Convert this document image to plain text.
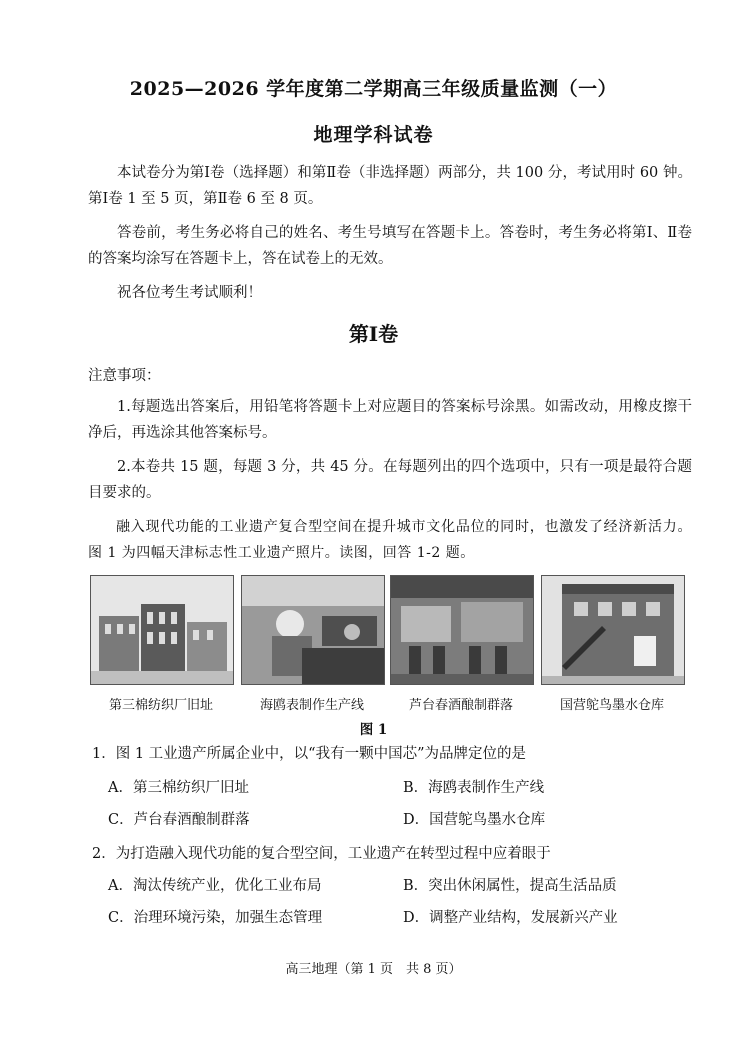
2025—2026 学年度第二学期高三年级质量监测（一）
地理学科试卷
本试卷分为第Ⅰ卷（选择题）和第Ⅱ卷（非选择题）两部分，共 100 分，考试用时 60 钟。第Ⅰ卷 1 至 5 页，第Ⅱ卷 6 至 8 页。
答卷前，考生务必将自己的姓名、考生号填写在答题卡上。答卷时，考生务必将第Ⅰ、Ⅱ卷的答案均涂写在答题卡上，答在试卷上的无效。
祝各位考生考试顺利！
第Ⅰ卷
注意事项：
1.每题选出答案后，用铅笔将答题卡上对应题目的答案标号涂黑。如需改动，用橡皮擦干净后，再选涂其他答案标号。
2.本卷共 15 题，每题 3 分，共 45 分。在每题列出的四个选项中，只有一项是最符合题目要求的。
融入现代功能的工业遗产复合型空间在提升城市文化品位的同时，也激发了经济新活力。图 1 为四幅天津标志性工业遗产照片。读图，回答 1-2 题。
第三棉纺织厂旧址	海鸥表制作生产线	芦台春酒酿制群落	国营鸵鸟墨水仓库
图 1
1．图 1 工业遗产所属企业中，以“我有一颗中国芯”为品牌定位的是
A．第三棉纺织厂旧址	B．海鸥表制作生产线
C．芦台春酒酿制群落	D．国营鸵鸟墨水仓库
2．为打造融入现代功能的复合型空间，工业遗产在转型过程中应着眼于
A．淘汰传统产业，优化工业布局	B．突出休闲属性，提高生活品质
C．治理环境污染，加强生态管理	D．调整产业结构，发展新兴产业
高三地理（第 1 页　共 8 页）
